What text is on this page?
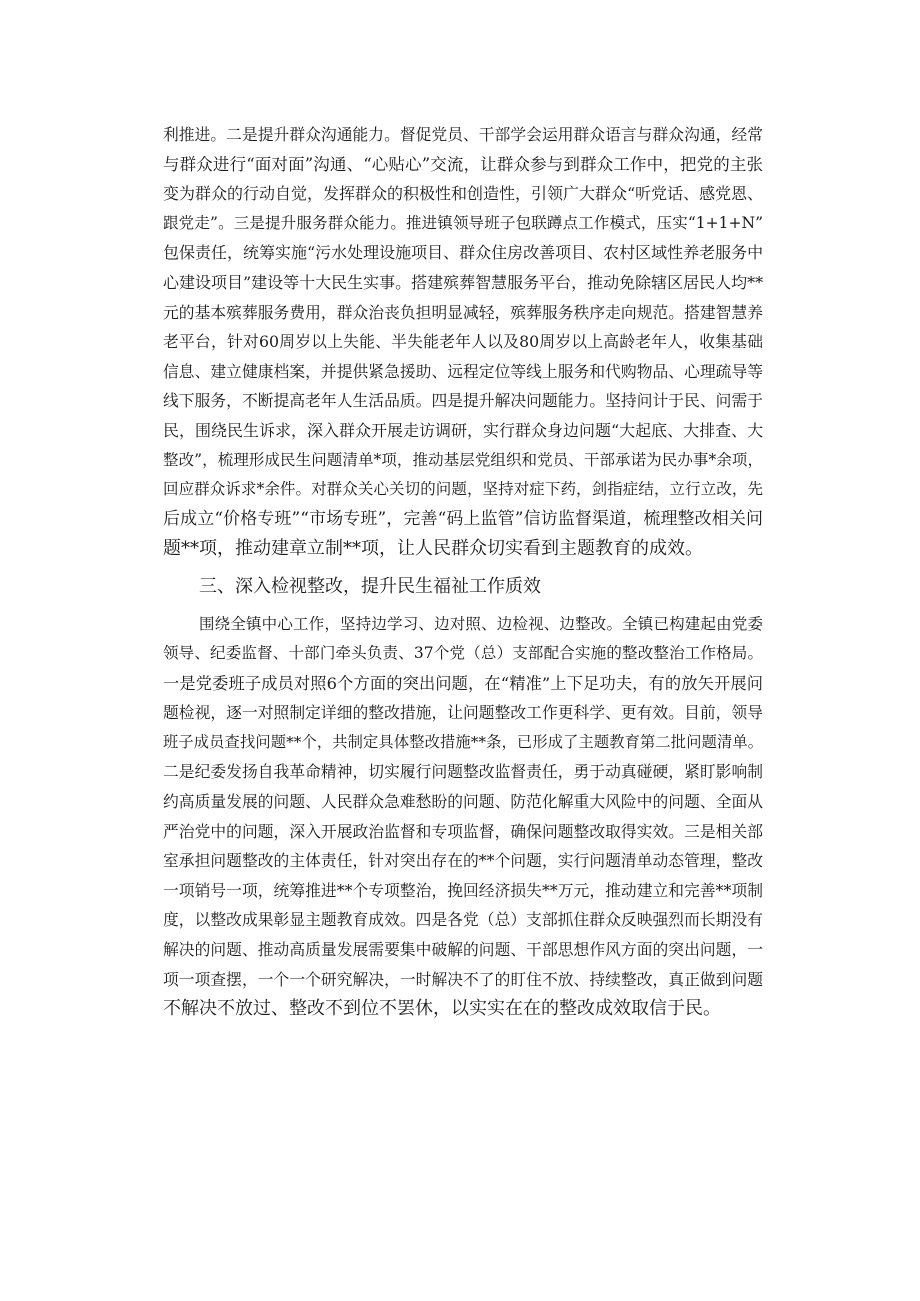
利推进。二是提升群众沟通能力。督促党员、干部学会运用群众语言与群众沟通，经常
与群众进行“面对面”沟通、“心贴心”交流，让群众参与到群众工作中，把党的主张
变为群众的行动自觉，发挥群众的积极性和创造性，引领广大群众“听党话、感党恩、
跟党走”。三是提升服务群众能力。推进镇领导班子包联蹲点工作模式，压实“1+1+N”
包保责任，统筹实施“污水处理设施项目、群众住房改善项目、农村区域性养老服务中
心建设项目”建设等十大民生实事。搭建殡葬智慧服务平台，推动免除辖区居民人均**
元的基本殡葬服务费用，群众治丧负担明显减轻，殡葬服务秩序走向规范。搭建智慧养
老平台，针对60周岁以上失能、半失能老年人以及80周岁以上高龄老年人，收集基础
信息、建立健康档案，并提供紧急援助、远程定位等线上服务和代购物品、心理疏导等
线下服务，不断提高老年人生活品质。四是提升解决问题能力。坚持问计于民、问需于
民，围绕民生诉求，深入群众开展走访调研，实行群众身边问题“大起底、大排查、大
整改”，梳理形成民生问题清单*项，推动基层党组织和党员、干部承诺为民办事*余项，
回应群众诉求*余件。对群众关心关切的问题，坚持对症下药，剑指症结，立行立改，先
后成立“价格专班”“市场专班”，完善“码上监管”信访监督渠道，梳理整改相关问
题**项，推动建章立制**项，让人民群众切实看到主题教育的成效。
三、深入检视整改，提升民生福祉工作质效
围绕全镇中心工作，坚持边学习、边对照、边检视、边整改。全镇已构建起由党委
领导、纪委监督、十部门牵头负责、37个党（总）支部配合实施的整改整治工作格局。
一是党委班子成员对照6个方面的突出问题，在“精准”上下足功夫，有的放矢开展问
题检视，逐一对照制定详细的整改措施，让问题整改工作更科学、更有效。目前，领导
班子成员查找问题**个，共制定具体整改措施**条，已形成了主题教育第二批问题清单。
二是纪委发扬自我革命精神，切实履行问题整改监督责任，勇于动真碰硬，紧盯影响制
约高质量发展的问题、人民群众急难愁盼的问题、防范化解重大风险中的问题、全面从
严治党中的问题，深入开展政治监督和专项监督，确保问题整改取得实效。三是相关部
室承担问题整改的主体责任，针对突出存在的**个问题，实行问题清单动态管理，整改
一项销号一项，统筹推进**个专项整治，挽回经济损失**万元，推动建立和完善**项制
度，以整改成果彰显主题教育成效。四是各党（总）支部抓住群众反映强烈而长期没有
解决的问题、推动高质量发展需要集中破解的问题、干部思想作风方面的突出问题，一
项一项查摆，一个一个研究解决，一时解决不了的盯住不放、持续整改，真正做到问题
不解决不放过、整改不到位不罢休，以实实在在的整改成效取信于民。
